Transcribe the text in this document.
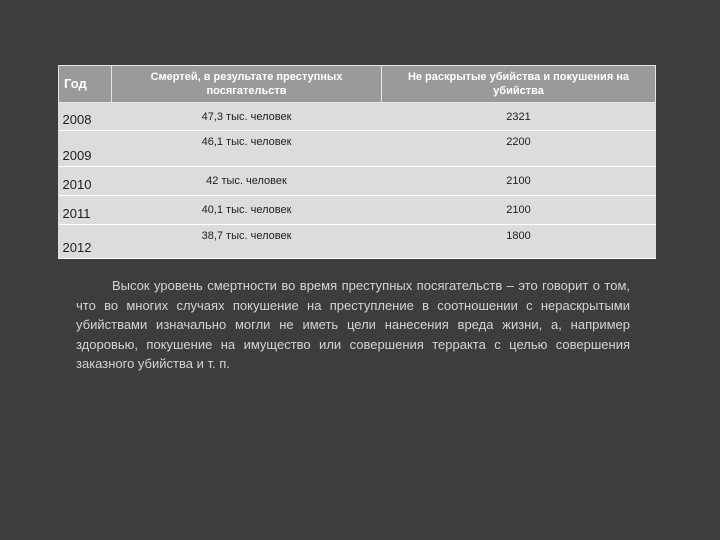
Год	Смертей, в результате преступных посягательств	Не раскрытые убийства и покушения на убийства
2008	47,3 тыс. человек	2321
2009	46,1 тыс. человек	2200
2010	42 тыс. человек	2100
2011	40,1 тыс. человек	2100
2012	38,7 тыс. человек	1800

Высок уровень смертности во время преступных посягательств – это говорит о том, что во многих случаях покушение на преступление в соотношении с нераскрытыми убийствами изначально могли не иметь цели нанесения вреда жизни, а, например здоровью, покушение на имущество или совершения терракта с целью совершения заказного убийства и т. п.
